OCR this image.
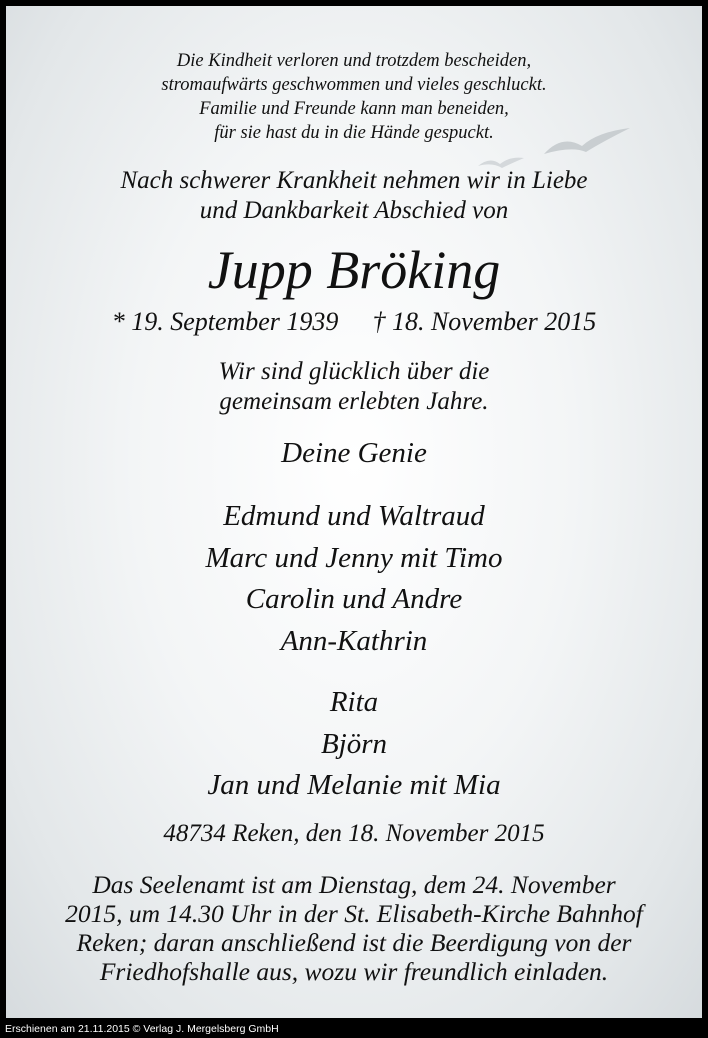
Die Kindheit verloren und trotzdem bescheiden,
stromaufwärts geschwommen und vieles geschluckt.
Familie und Freunde kann man beneiden,
für sie hast du in die Hände gespuckt.
Nach schwerer Krankheit nehmen wir in Liebe
und Dankbarkeit Abschied von
Jupp Bröking
* 19. September 1939 † 18. November 2015
Wir sind glücklich über die
gemeinsam erlebten Jahre.
Deine Genie
Edmund und Waltraud
Marc und Jenny mit Timo
Carolin und Andre
Ann-Kathrin
Rita
Björn
Jan und Melanie mit Mia
48734 Reken, den 18. November 2015
Das Seelenamt ist am Dienstag, dem 24. November
2015, um 14.30 Uhr in der St. Elisabeth-Kirche Bahnhof
Reken; daran anschließend ist die Beerdigung von der
Friedhofshalle aus, wozu wir freundlich einladen.
Erschienen am 21.11.2015 © Verlag J. Mergelsberg GmbH
